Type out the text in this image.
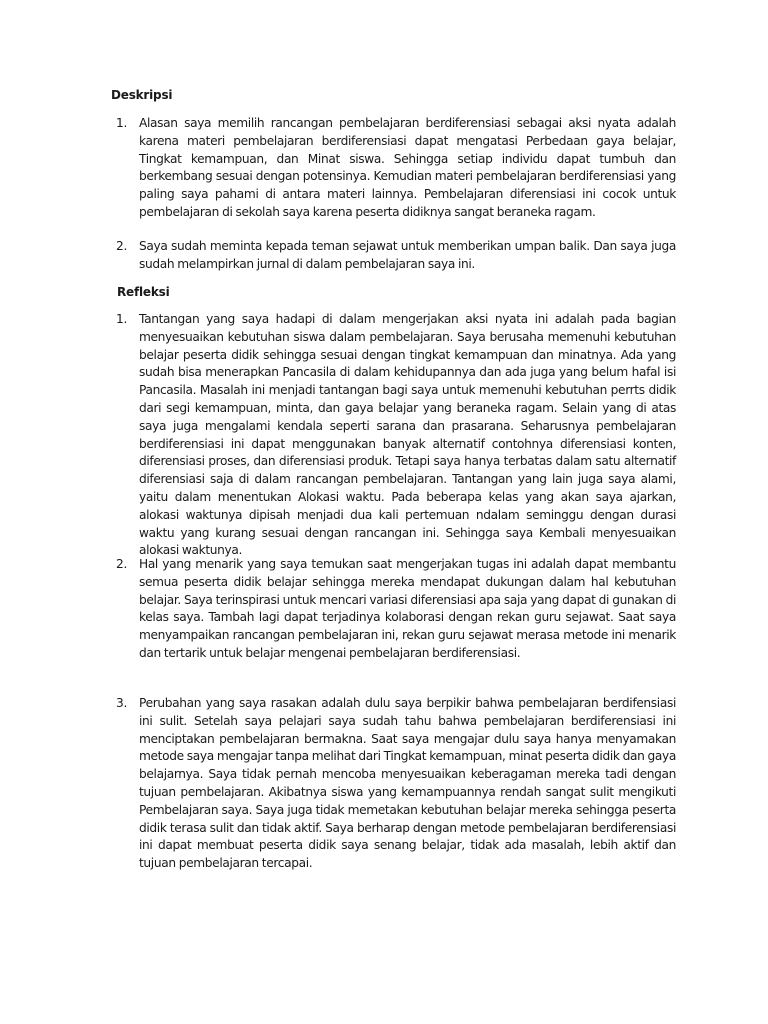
Deskripsi
1. Alasan saya memilih rancangan pembelajaran berdiferensiasi sebagai aksi nyata adalah karena materi pembelajaran berdiferensiasi dapat mengatasi Perbedaan gaya belajar, Tingkat kemampuan, dan Minat siswa. Sehingga setiap individu dapat tumbuh dan berkembang sesuai dengan potensinya. Kemudian materi pembelajaran berdiferensiasi yang paling saya pahami di antara materi lainnya. Pembelajaran diferensiasi ini cocok untuk pembelajaran di sekolah saya karena peserta didiknya sangat beraneka ragam.
2. Saya sudah meminta kepada teman sejawat untuk memberikan umpan balik. Dan saya juga sudah melampirkan jurnal di dalam pembelajaran saya ini.
Refleksi
1. Tantangan yang saya hadapi di dalam mengerjakan aksi nyata ini adalah pada bagian menyesuaikan kebutuhan siswa dalam pembelajaran. Saya berusaha memenuhi kebutuhan belajar peserta didik sehingga sesuai dengan tingkat kemampuan dan minatnya. Ada yang sudah bisa menerapkan Pancasila di dalam kehidupannya dan ada juga yang belum hafal isi Pancasila. Masalah ini menjadi tantangan bagi saya untuk memenuhi kebutuhan perrts didik dari segi kemampuan, minta, dan gaya belajar yang beraneka ragam. Selain yang di atas saya juga mengalami kendala seperti sarana dan prasarana. Seharusnya pembelajaran berdiferensiasi ini dapat menggunakan banyak alternatif contohnya diferensiasi konten, diferensiasi proses, dan diferensiasi produk. Tetapi saya hanya terbatas dalam satu alternatif diferensiasi saja di dalam rancangan pembelajaran. Tantangan yang lain juga saya alami, yaitu dalam menentukan Alokasi waktu. Pada beberapa kelas yang akan saya ajarkan, alokasi waktunya dipisah menjadi dua kali pertemuan ndalam seminggu dengan durasi waktu yang kurang sesuai dengan rancangan ini. Sehingga saya Kembali menyesuaikan alokasi waktunya.
2. Hal yang menarik yang saya temukan saat mengerjakan tugas ini adalah dapat membantu semua peserta didik belajar sehingga mereka mendapat dukungan dalam hal kebutuhan belajar. Saya terinspirasi untuk mencari variasi diferensiasi apa saja yang dapat di gunakan di kelas saya. Tambah lagi dapat terjadinya kolaborasi dengan rekan guru sejawat. Saat saya menyampaikan rancangan pembelajaran ini, rekan guru sejawat merasa metode ini menarik dan tertarik untuk belajar mengenai pembelajaran berdiferensiasi.
3. Perubahan yang saya rasakan adalah dulu saya berpikir bahwa pembelajaran berdifensiasi ini sulit. Setelah saya pelajari saya sudah tahu bahwa pembelajaran berdiferensiasi ini menciptakan pembelajaran bermakna. Saat saya mengajar dulu saya hanya menyamakan metode saya mengajar tanpa melihat dari Tingkat kemampuan, minat peserta didik dan gaya belajarnya. Saya tidak pernah mencoba menyesuaikan keberagaman mereka tadi dengan tujuan pembelajaran. Akibatnya siswa yang kemampuannya rendah sangat sulit mengikuti Pembelajaran saya. Saya juga tidak memetakan kebutuhan belajar mereka sehingga peserta didik terasa sulit dan tidak aktif. Saya berharap dengan metode pembelajaran berdiferensiasi ini dapat membuat peserta didik saya senang belajar, tidak ada masalah, lebih aktif dan tujuan pembelajaran tercapai.
